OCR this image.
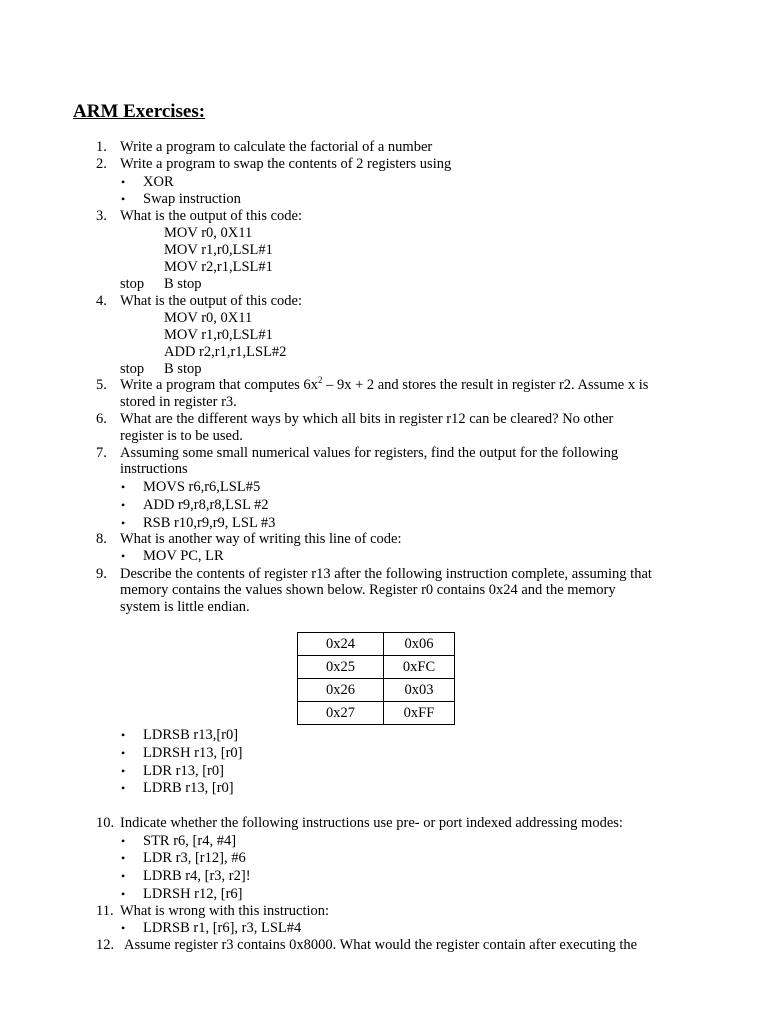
ARM Exercises:
1. Write a program to calculate the factorial of a number
2. Write a program to swap the contents of 2 registers using
• XOR
• Swap instruction
3. What is the output of this code:
MOV r0, 0X11
MOV r1,r0,LSL#1
MOV r2,r1,LSL#1
stop B stop
4. What is the output of this code:
MOV r0, 0X11
MOV r1,r0,LSL#1
ADD r2,r1,r1,LSL#2
stop B stop
5. Write a program that computes $6x^2 - 9x + 2$ and stores the result in register r2. Assume x is
stored in register r3.
6. What are the different ways by which all bits in register r12 can be cleared? No other
register is to be used.
7. Assuming some small numerical values for registers, find the output for the following
instructions
• MOVS r6,r6,LSL#5
• ADD r9,r8,r8,LSL #2
• RSB r10,r9,r9, LSL #3
8. What is another way of writing this line of code:
• MOV PC, LR
9. Describe the contents of register r13 after the following instruction complete, assuming that
memory contains the values shown below. Register r0 contains 0x24 and the memory
system is little endian.
0x24	0x06
0x25	0xFC
0x26	0x03
0x27	0xFF
• LDRSB r13,[r0]
• LDRSH r13, [r0]
• LDR r13, [r0]
• LDRB r13, [r0]
10. Indicate whether the following instructions use pre- or port indexed addressing modes:
• STR r6, [r4, #4]
• LDR r3, [r12], #6
• LDRB r4, [r3, r2]!
• LDRSH r12, [r6]
11. What is wrong with this instruction:
• LDRSB r1, [r6], r3, LSL#4
12. Assume register r3 contains 0x8000. What would the register contain after executing the
